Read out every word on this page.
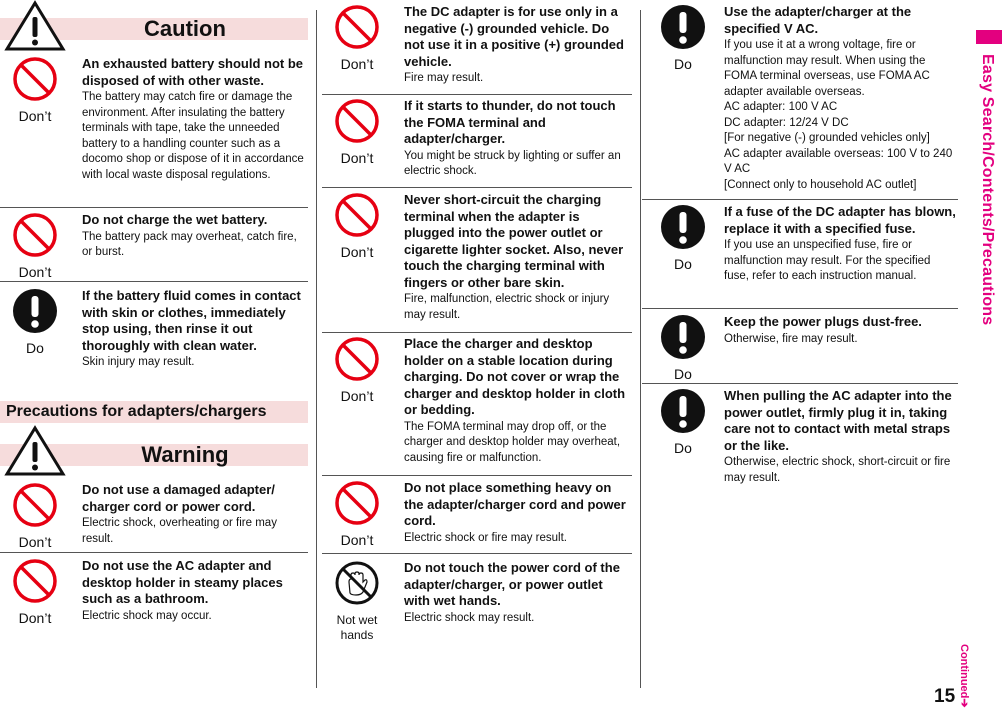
Caution
Don’t
An exhausted battery should not be disposed of with other waste.
The battery may catch fire or damage the environment. After insulating the battery terminals with tape, take the unneeded battery to a handling counter such as a docomo shop or dispose of it in accordance with local waste disposal regulations.
Don’t
Do not charge the wet battery.
The battery pack may overheat, catch fire, or burst.
Do
If the battery fluid comes in contact with skin or clothes, immediately stop using, then rinse it out thoroughly with clean water.
Skin injury may result.
Precautions for adapters/chargers
Warning
Don’t
Do not use a damaged adapter/ charger cord or power cord.
Electric shock, overheating or fire may result.
Don’t
Do not use the AC adapter and desktop holder in steamy places such as a bathroom.
Electric shock may occur.
Don’t
The DC adapter is for use only in a negative (-) grounded vehicle. Do not use it in a positive (+) grounded vehicle.
Fire may result.
Don’t
If it starts to thunder, do not touch the FOMA terminal and adapter/charger.
You might be struck by lighting or suffer an electric shock.
Don’t
Never short-circuit the charging terminal when the adapter is plugged into the power outlet or cigarette lighter socket. Also, never touch the charging terminal with fingers or other bare skin.
Fire, malfunction, electric shock or injury may result.
Don’t
Place the charger and desktop holder on a stable location during charging. Do not cover or wrap the charger and desktop holder in cloth or bedding.
The FOMA terminal may drop off, or the charger and desktop holder may overheat, causing fire or malfunction.
Don’t
Do not place something heavy on the adapter/charger cord and power cord.
Electric shock or fire may result.
Not wet
hands
Do not touch the power cord of the adapter/charger, or power outlet with wet hands.
Electric shock may result.
Do
Use the adapter/charger at the specified V AC.
If you use it at a wrong voltage, fire or malfunction may result. When using the FOMA terminal overseas, use FOMA AC adapter available overseas.
AC adapter: 100 V AC
DC adapter: 12/24 V DC
[For negative (-) grounded vehicles only]
AC adapter available overseas: 100 V to 240 V AC
[Connect only to household AC outlet]
Do
If a fuse of the DC adapter has blown, replace it with a specified fuse.
If you use an unspecified fuse, fire or malfunction may result. For the specified fuse, refer to each instruction manual.
Do
Keep the power plugs dust-free.
Otherwise, fire may result.
Do
When pulling the AC adapter into the power outlet, firmly plug it in, taking care not to contact with metal straps or the like.
Otherwise, electric shock, short-circuit or fire may result.
Easy Search/Contents/Precautions
Continued➔
15
